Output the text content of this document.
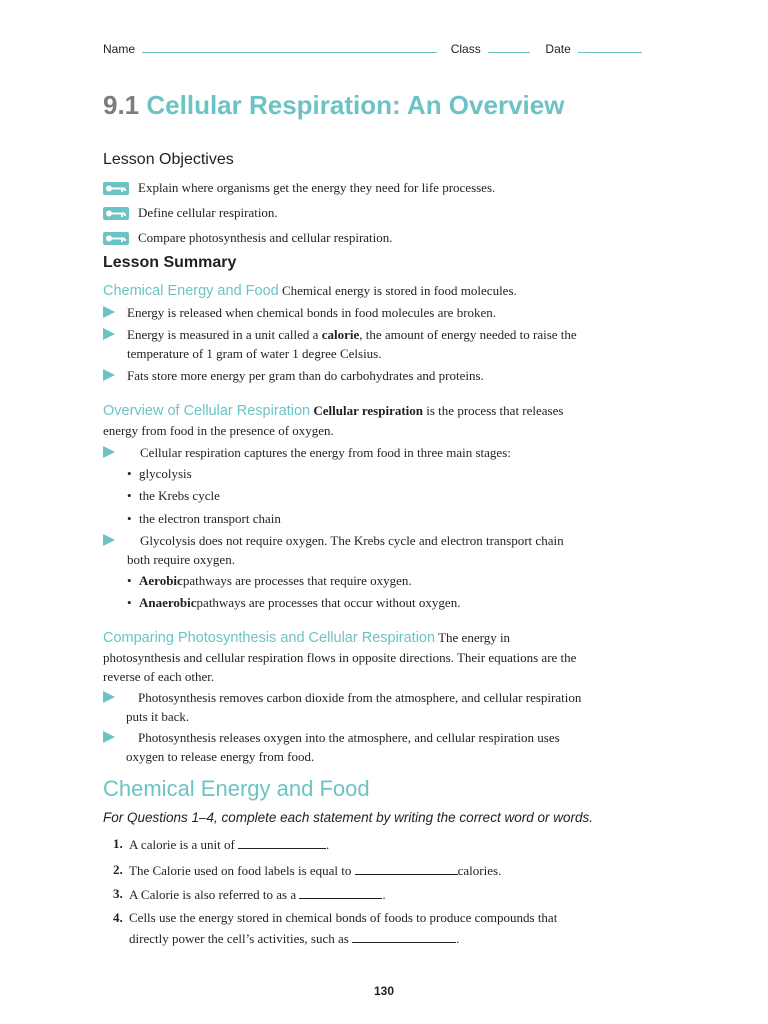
Name	Class	Date
9.1 Cellular Respiration: An Overview
Lesson Objectives
Explain where organisms get the energy they need for life processes.
Define cellular respiration.
Compare photosynthesis and cellular respiration.
Lesson Summary
Chemical Energy and Food Chemical energy is stored in food molecules.
Energy is released when chemical bonds in food molecules are broken.
Energy is measured in a unit called a calorie, the amount of energy needed to raise the
temperature of 1 gram of water 1 degree Celsius.
Fats store more energy per gram than do carbohydrates and proteins.
Overview of Cellular Respiration Cellular respiration is the process that releases
energy from food in the presence of oxygen.
Cellular respiration captures the energy from food in three main stages:
• glycolysis
• the Krebs cycle
• the electron transport chain
Glycolysis does not require oxygen. The Krebs cycle and electron transport chain
both require oxygen.
• Aerobic pathways are processes that require oxygen.
• Anaerobic pathways are processes that occur without oxygen.
Comparing Photosynthesis and Cellular Respiration The energy in
photosynthesis and cellular respiration flows in opposite directions. Their equations are the
reverse of each other.
Photosynthesis removes carbon dioxide from the atmosphere, and cellular respiration
puts it back.
Photosynthesis releases oxygen into the atmosphere, and cellular respiration uses
oxygen to release energy from food.
Chemical Energy and Food
For Questions 1–4, complete each statement by writing the correct word or words.
1. A calorie is a unit of	.
2. The Calorie used on food labels is equal to	calories.
3. A Calorie is also referred to as a	.
4. Cells use the energy stored in chemical bonds of foods to produce compounds that
directly power the cell’s activities, such as	.
130
